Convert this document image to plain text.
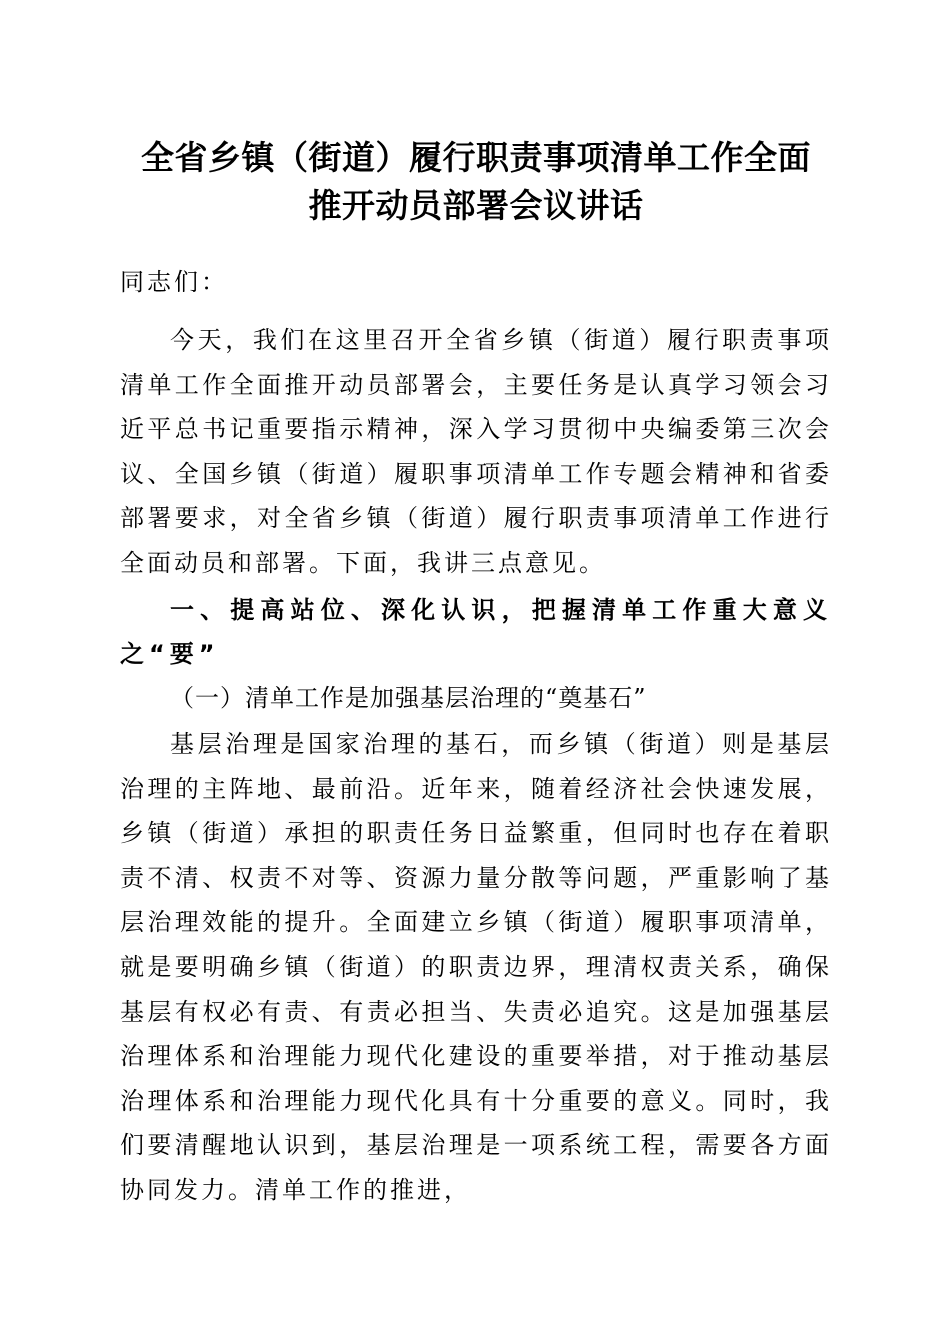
全省乡镇（街道）履行职责事项清单工作全面
推开动员部署会议讲话

同志们：

今天，我们在这里召开全省乡镇（街道）履行职责事项清单工作全面推开动员部署会，主要任务是认真学习领会习近平总书记重要指示精神，深入学习贯彻中央编委第三次会议、全国乡镇（街道）履职事项清单工作专题会精神和省委部署要求，对全省乡镇（街道）履行职责事项清单工作进行全面动员和部署。下面，我讲三点意见。

一、提高站位、深化认识，把握清单工作重大意义之“要”

（一）清单工作是加强基层治理的“奠基石”

基层治理是国家治理的基石，而乡镇（街道）则是基层治理的主阵地、最前沿。近年来，随着经济社会快速发展，乡镇（街道）承担的职责任务日益繁重，但同时也存在着职责不清、权责不对等、资源力量分散等问题，严重影响了基层治理效能的提升。全面建立乡镇（街道）履职事项清单，就是要明确乡镇（街道）的职责边界，理清权责关系，确保基层有权必有责、有责必担当、失责必追究。这是加强基层治理体系和治理能力现代化建设的重要举措，对于推动基层治理体系和治理能力现代化具有十分重要的意义。同时，我们要清醒地认识到，基层治理是一项系统工程，需要各方面协同发力。清单工作的推进，
